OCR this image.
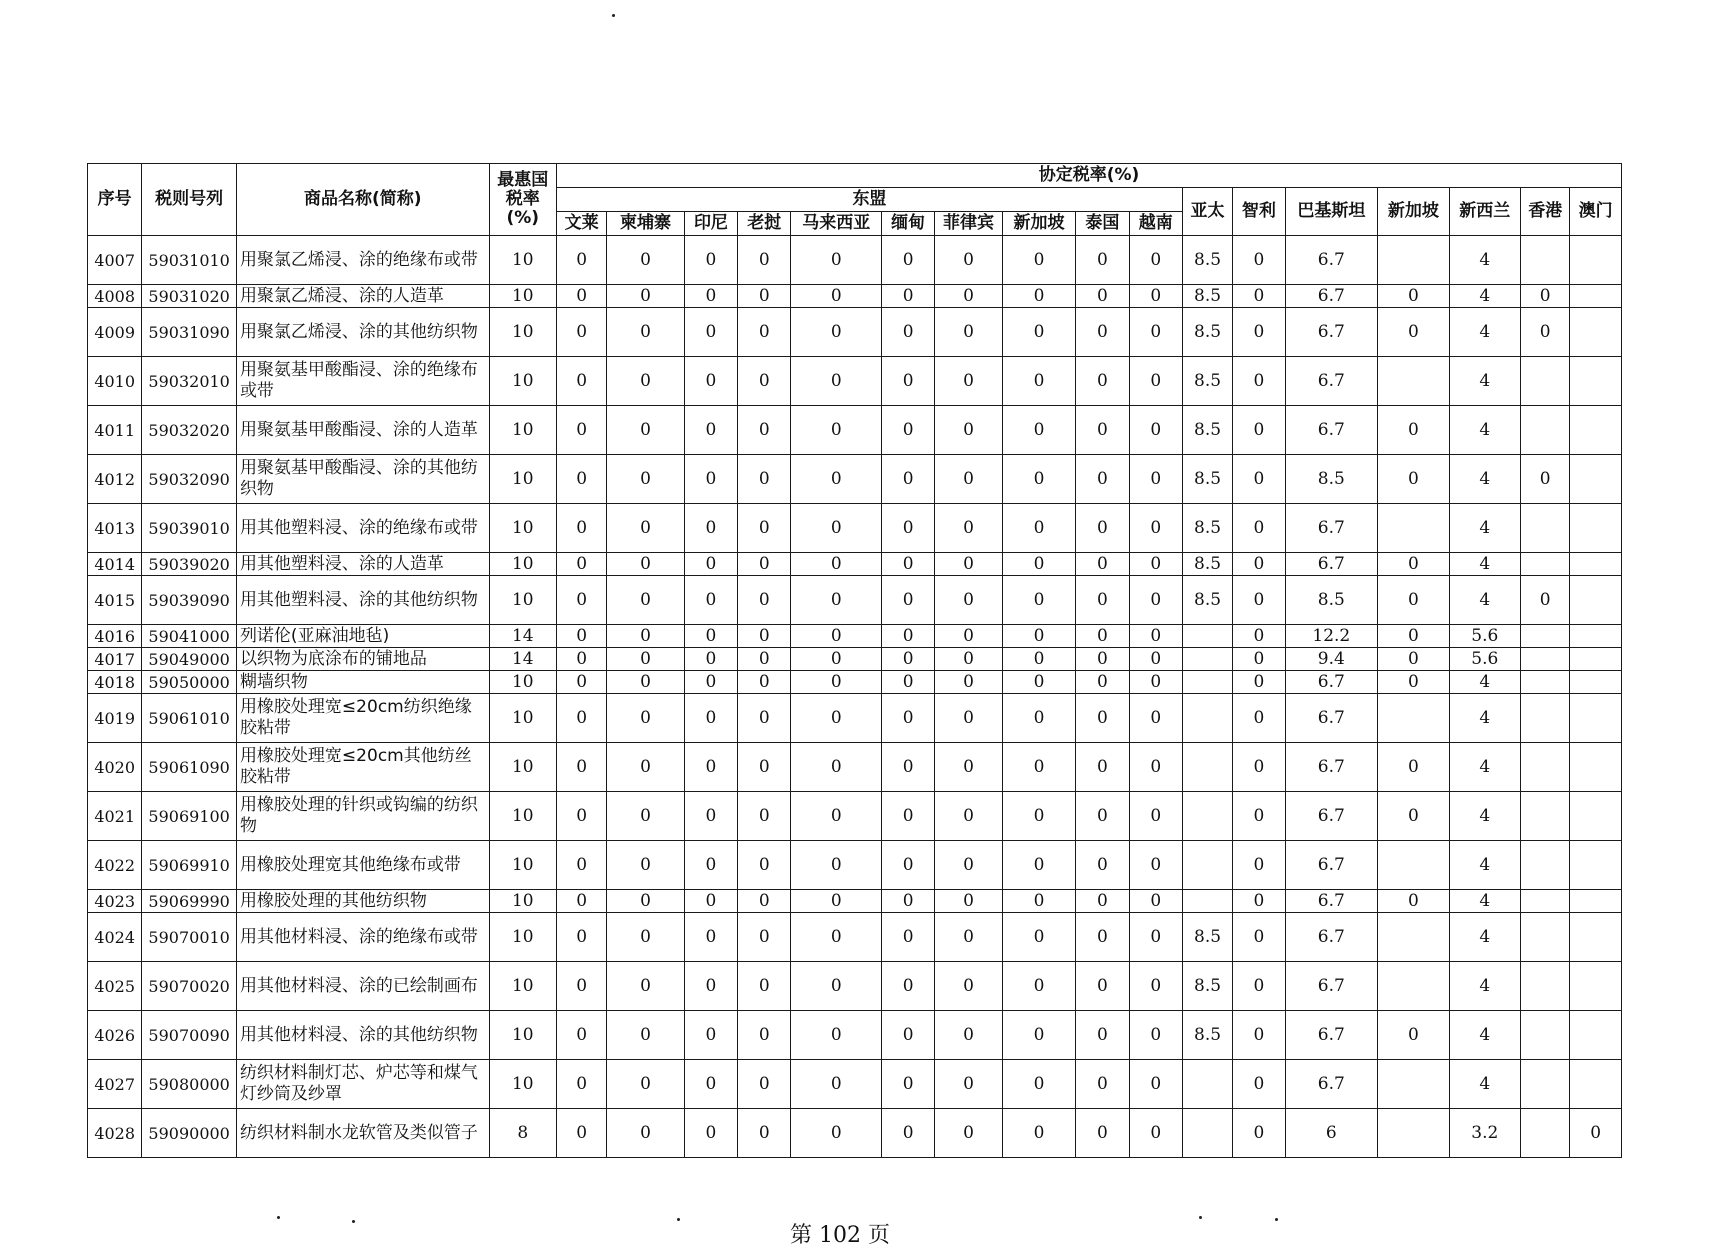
序号	税则号列	商品名称(简称)	最惠国税率(%)	协定税率(%)																
				东盟										亚太	智利	巴基斯坦	新加坡	新西兰	香港	澳门
				文莱	柬埔寨	印尼	老挝	马来西亚	缅甸	菲律宾	新加坡	泰国	越南							
4007	59031010	用聚氯乙烯浸、涂的绝缘布或带	10	0	0	0	0	0	0	0	0	0	0	8.5	0	6.7		4		
4008	59031020	用聚氯乙烯浸、涂的人造革	10	0	0	0	0	0	0	0	0	0	0	8.5	0	6.7	0	4	0	
4009	59031090	用聚氯乙烯浸、涂的其他纺织物	10	0	0	0	0	0	0	0	0	0	0	8.5	0	6.7	0	4	0	
4010	59032010	用聚氨基甲酸酯浸、涂的绝缘布或带	10	0	0	0	0	0	0	0	0	0	0	8.5	0	6.7		4		
4011	59032020	用聚氨基甲酸酯浸、涂的人造革	10	0	0	0	0	0	0	0	0	0	0	8.5	0	6.7	0	4		
4012	59032090	用聚氨基甲酸酯浸、涂的其他纺织物	10	0	0	0	0	0	0	0	0	0	0	8.5	0	8.5	0	4	0	
4013	59039010	用其他塑料浸、涂的绝缘布或带	10	0	0	0	0	0	0	0	0	0	0	8.5	0	6.7		4		
4014	59039020	用其他塑料浸、涂的人造革	10	0	0	0	0	0	0	0	0	0	0	8.5	0	6.7	0	4		
4015	59039090	用其他塑料浸、涂的其他纺织物	10	0	0	0	0	0	0	0	0	0	0	8.5	0	8.5	0	4	0	
4016	59041000	列诺伦(亚麻油地毡)	14	0	0	0	0	0	0	0	0	0	0		0	12.2	0	5.6		
4017	59049000	以织物为底涂布的铺地品	14	0	0	0	0	0	0	0	0	0	0		0	9.4	0	5.6		
4018	59050000	糊墙织物	10	0	0	0	0	0	0	0	0	0	0		0	6.7	0	4		
4019	59061010	用橡胶处理宽≤20cm纺织绝缘胶粘带	10	0	0	0	0	0	0	0	0	0	0		0	6.7		4		
4020	59061090	用橡胶处理宽≤20cm其他纺丝胶粘带	10	0	0	0	0	0	0	0	0	0	0		0	6.7	0	4		
4021	59069100	用橡胶处理的针织或钩编的纺织物	10	0	0	0	0	0	0	0	0	0	0		0	6.7	0	4		
4022	59069910	用橡胶处理宽其他绝缘布或带	10	0	0	0	0	0	0	0	0	0	0		0	6.7		4		
4023	59069990	用橡胶处理的其他纺织物	10	0	0	0	0	0	0	0	0	0	0		0	6.7	0	4		
4024	59070010	用其他材料浸、涂的绝缘布或带	10	0	0	0	0	0	0	0	0	0	0	8.5	0	6.7		4		
4025	59070020	用其他材料浸、涂的已绘制画布	10	0	0	0	0	0	0	0	0	0	0	8.5	0	6.7		4		
4026	59070090	用其他材料浸、涂的其他纺织物	10	0	0	0	0	0	0	0	0	0	0	8.5	0	6.7	0	4		
4027	59080000	纺织材料制灯芯、炉芯等和煤气灯纱筒及纱罩	10	0	0	0	0	0	0	0	0	0	0		0	6.7		4		
4028	59090000	纺织材料制水龙软管及类似管子	8	0	0	0	0	0	0	0	0	0	0		0	6		3.2		0
第 102 页
